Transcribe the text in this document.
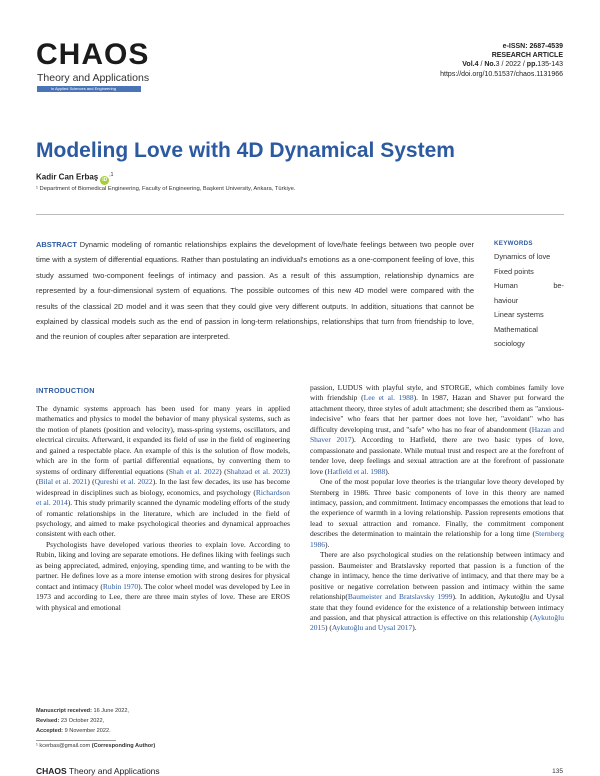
CHAOS
Theory and Applications
in Applied Sciences and Engineering
e-ISSN: 2687-4539
RESEARCH ARTICLE
Vol.4 / No.3 / 2022 / pp.135-143
https://doi.org/10.51537/chaos.1131966
Modeling Love with 4D Dynamical System
Kadir Can Erbaş $iD^{,1}$
¹ Department of Biomedical Engineering, Faculty of Engineering, Başkent University, Ankara, Türkiye.
ABSTRACT Dynamic modeling of romantic relationships explains the development of love/hate feelings between two people over time with a system of differential equations. Rather than postulating an individual's emotions as a one-component feeling of love, this study assumed two-component feelings of intimacy and passion. As a result of this assumption, relationship dynamics are represented by a four-dimensional system of equations. The possible outcomes of this new 4D model were compared with the results of the classical 2D model and it was seen that they could give very different outputs. In addition, situations that cannot be explained by classical models such as the end of passion in long-term relationships, relationships that turn from friendship to love, and the reunion of couples after separation are interpreted.
KEYWORDS
Dynamics of love
Fixed points
Human	be-
haviour
Linear systems
Mathematical
sociology
INTRODUCTION

The dynamic systems approach has been used for many years in applied mathematics and physics to model the behavior of many physical systems, such as the motion of planets (position and velocity), mass-spring systems, oscillators, and electrical circuits. Afterward, it expanded its field of use in the field of engineering and gained a respectable place. An example of this is the solution of flow models, which are in the form of partial differential equations, by converting them to systems of ordinary differential equations (Shah et al. 2022) (Shahzad et al. 2023) (Bilal et al. 2021) (Qureshi et al. 2022). In the last few decades, its use has become widespread in disciplines such as biology, economics, and psychology (Richardson et al. 2014). This study primarily scanned the dynamic modeling efforts of the study of romantic relationships in the literature, which are included in the field of psychology, and aimed to make psychological theories and dynamical approaches consistent with each other.

Psychologists have developed various theories to explain love. According to Rubin, liking and loving are separate emotions. He defines liking with feelings such as being appreciated, admired, enjoying, spending time, and wanting to be with the partner. He defines love as a more intense emotion with strong desires for physical contact and intimacy (Rubin 1970). The color wheel model was developed by Lee in 1973 and according to Lee, there are three main styles of love. These are EROS with physical and emotional

passion, LUDUS with playful style, and STORGE, which combines family love with friendship (Lee et al. 1988). In 1987, Hazan and Shaver put forward the attachment theory, three styles of adult attachment; she described them as "anxious-indecisive" who fears that her partner does not love her, "avoidant" who has difficulty developing trust, and "safe" who has no fear of abandonment (Hazan and Shaver 2017). According to Hatfield, there are two basic types of love, compassionate and passionate. While mutual trust and respect are at the forefront of tender love, deep feelings and sexual attraction are at the forefront of passionate love (Hatfield et al. 1988).

One of the most popular love theories is the triangular love theory developed by Sternberg in 1986. Three basic components of love in this theory are named intimacy, passion, and commitment. Intimacy encompasses the emotions that lead to the experience of warmth in a loving relationship. Passion represents emotions that lead to sexual attraction and romance. Finally, the commitment component describes the determination to maintain the relationship for a long time (Sternberg 1986).

There are also psychological studies on the relationship between intimacy and passion. Baumeister and Bratslavsky reported that passion is a function of the change in intimacy, hence the time derivative of intimacy, and that there may be a positive or negative correlation between passion and intimacy within the same relationship(Baumeister and Bratslavsky 1999). In addition, Aykutoğlu and Uysal state that they found evidence for the existence of a relationship between intimacy and passion, and that physical attraction is effective on this relationship (Aykutoğlu 2015) (Aykutoğlu and Uysal 2017).

Manuscript received: 16 June 2022,
Revised: 23 October 2022,
Accepted: 9 November 2022.
¹ kcerbas@gmail.com (Corresponding Author)
CHAOS Theory and Applications	135
